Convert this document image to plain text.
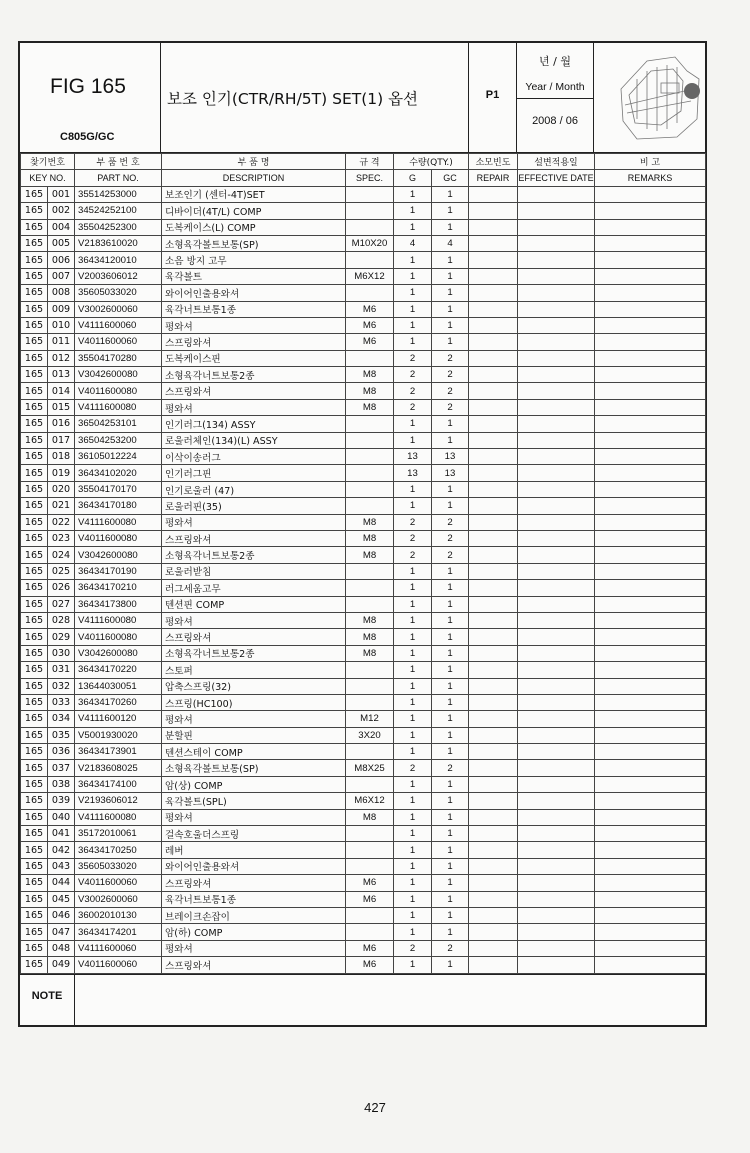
FIG 165
C805G/GC
보조 인기(CTR/RH/5T) SET(1) 옵션	P1
년 / 월
Year / Month
2008 / 06
찾기번호		부 품 번 호	부 품 명	규 격	수량(QTY.)		소모빈도	설변적용일	비 고
KEY NO.		PART NO.	DESCRIPTION	SPEC.	G	GC	REPAIR	EFFECTIVE DATE	REMARKS
165	001	35514253000	보조인기 (센터-4T)SET		1	1			
165	002	34524252100	디바이더(4T/L) COMP		1	1			
165	004	35504252300	도복케이스(L) COMP		1	1			
165	005	V2183610020	소형육각볼트보통(SP)	M10X20	4	4			
165	006	36434120010	소음 방지 고무		1	1			
165	007	V2003606012	육각볼트	M6X12	1	1			
165	008	35605033020	와이어인출용와셔		1	1			
165	009	V3002600060	육각너트보통1종	M6	1	1			
165	010	V4111600060	평와셔	M6	1	1			
165	011	V4011600060	스프링와셔	M6	1	1			
165	012	35504170280	도복케이스핀		2	2			
165	013	V3042600080	소형육각너트보통2종	M8	2	2			
165	014	V4011600080	스프링와셔	M8	2	2			
165	015	V4111600080	평와셔	M8	2	2			
165	016	36504253101	인기러그(134) ASSY		1	1			
165	017	36504253200	로울러체인(134)(L) ASSY		1	1			
165	018	36105012224	이삭이송러그		13	13			
165	019	36434102020	인기러그핀		13	13			
165	020	35504170170	인기로울러 (47)		1	1			
165	021	36434170180	로울러핀(35)		1	1			
165	022	V4111600080	평와셔	M8	2	2			
165	023	V4011600080	스프링와셔	M8	2	2			
165	024	V3042600080	소형육각너트보통2종	M8	2	2			
165	025	36434170190	로울러받침		1	1			
165	026	36434170210	러그세움고무		1	1			
165	027	36434173800	텐션핀 COMP		1	1			
165	028	V4111600080	평와셔	M8	1	1			
165	029	V4011600080	스프링와셔	M8	1	1			
165	030	V3042600080	소형육각너트보통2종	M8	1	1			
165	031	36434170220	스토퍼		1	1			
165	032	13644030051	압축스프링(32)		1	1			
165	033	36434170260	스프링(HC100)		1	1			
165	034	V4111600120	평와셔	M12	1	1			
165	035	V5001930020	분할핀	3X20	1	1			
165	036	36434173901	텐션스테이 COMP		1	1			
165	037	V2183608025	소형육각볼트보통(SP)	M8X25	2	2			
165	038	36434174100	암(상) COMP		1	1			
165	039	V2193606012	육각볼트(SPL)	M6X12	1	1			
165	040	V4111600080	평와셔	M8	1	1			
165	041	35172010061	걸속호울더스프링		1	1			
165	042	36434170250	레버		1	1			
165	043	35605033020	와이어인출용와셔		1	1			
165	044	V4011600060	스프링와셔	M6	1	1			
165	045	V3002600060	육각너트보통1종	M6	1	1			
165	046	36002010130	브레이크손잡이		1	1			
165	047	36434174201	암(하) COMP		1	1			
165	048	V4111600060	평와셔	M6	2	2			
165	049	V4011600060	스프링와셔	M6	1	1			
NOTE
427
